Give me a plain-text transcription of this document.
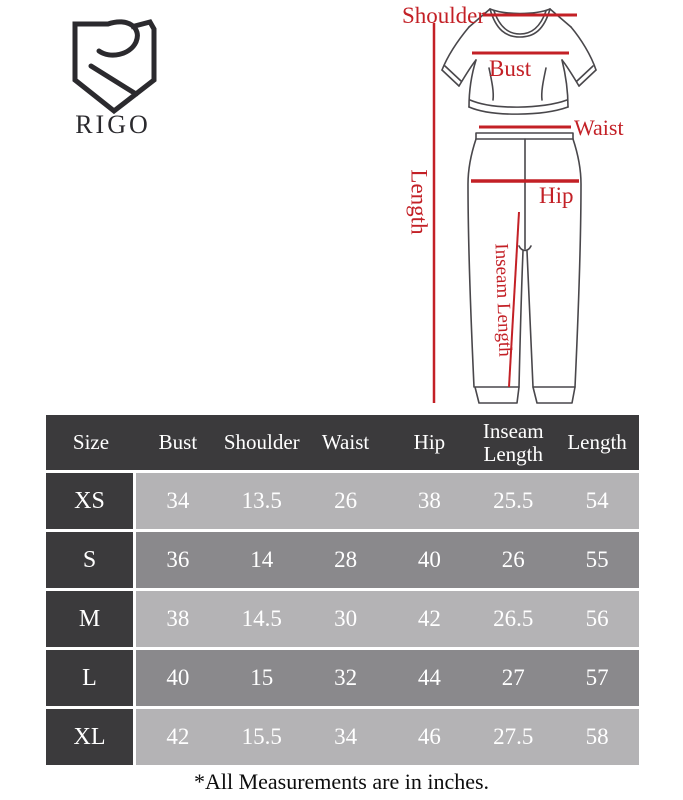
Shoulder
Bust
Waist
Hip
Length
Inseam Length
RIGO
Size	Bust	Shoulder	Waist	Hip	Inseam Length	Length
XS	34	13.5	26	38	25.5	54
S	36	14	28	40	26	55
M	38	14.5	30	42	26.5	56
L	40	15	32	44	27	57
XL	42	15.5	34	46	27.5	58
*All Measurements are in inches.
